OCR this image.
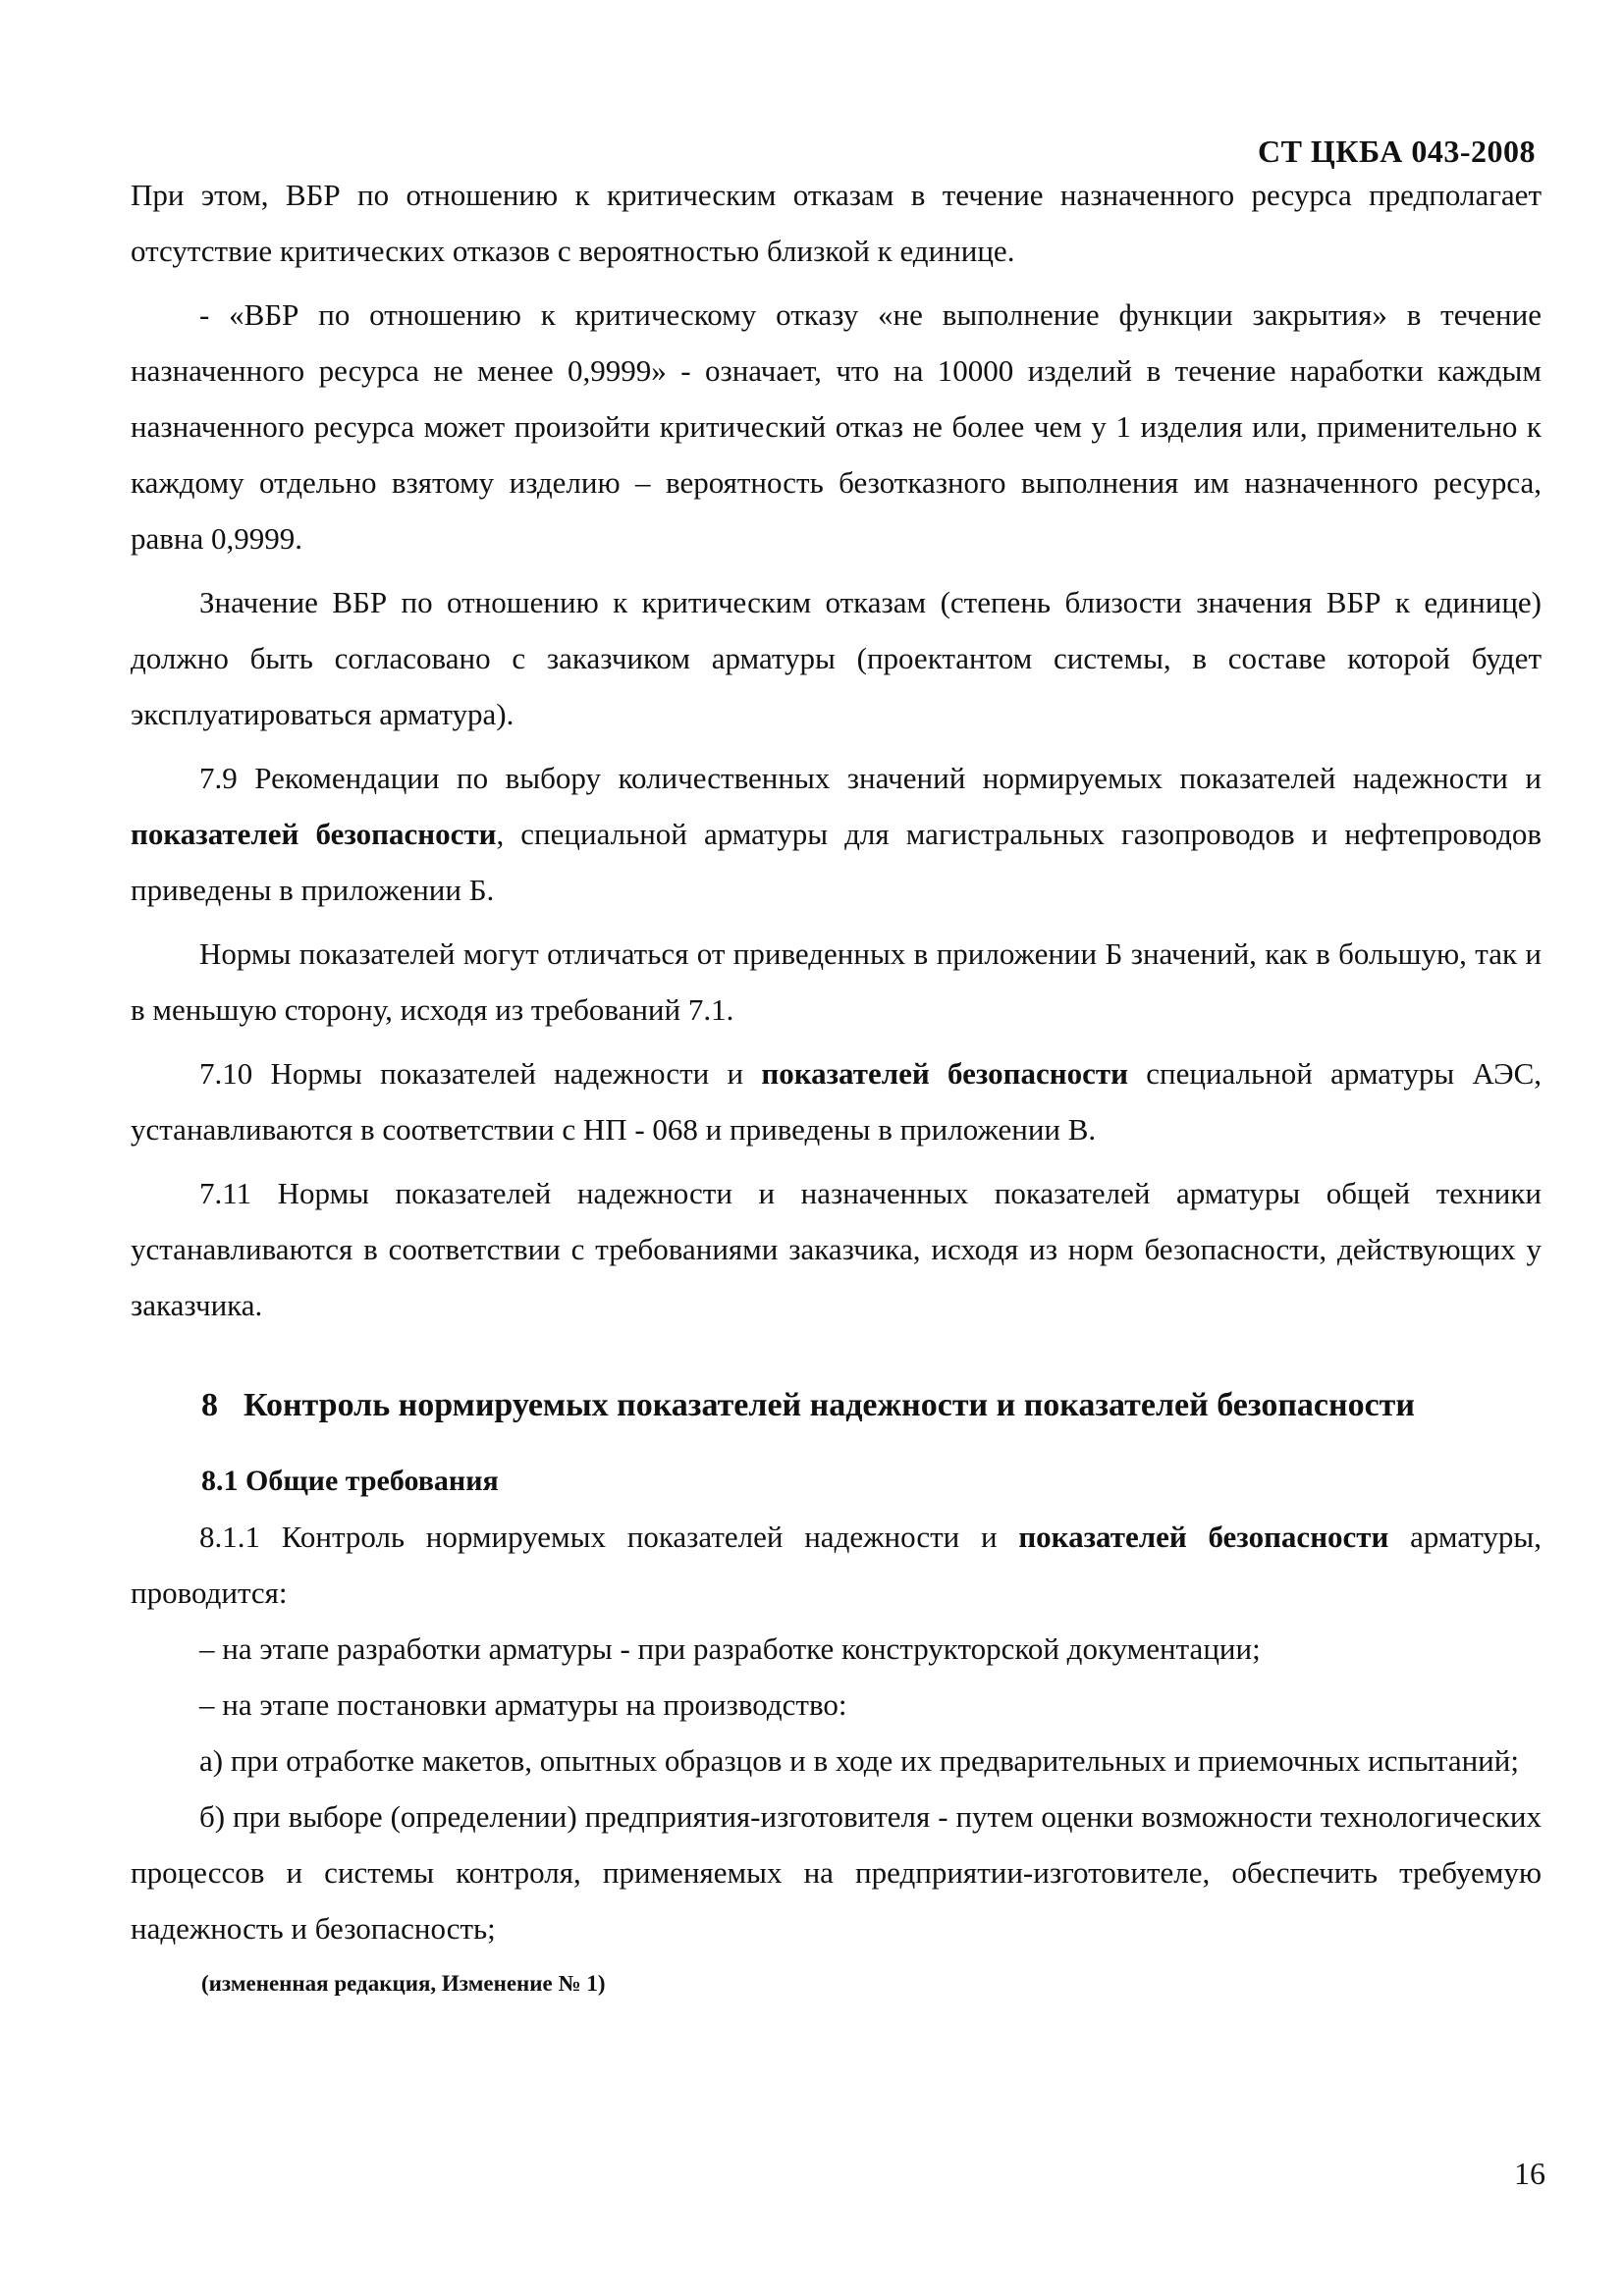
СТ ЦКБА 043-2008

При этом, ВБР по отношению к критическим отказам в течение назначенного ресурса предполагает отсутствие критических отказов с вероятностью близкой к единице.

- «ВБР по отношению к критическому отказу «не выполнение функции закрытия» в течение назначенного ресурса не менее 0,9999» - означает, что на 10000 изделий в течение наработки каждым назначенного ресурса может произойти критический отказ не более чем у 1 изделия или, применительно к каждому отдельно взятому изделию – вероятность безотказного выполнения им назначенного ресурса, равна 0,9999.

Значение ВБР по отношению к критическим отказам (степень близости значения ВБР к единице) должно быть согласовано с заказчиком арматуры (проектантом системы, в составе которой будет эксплуатироваться арматура).

7.9 Рекомендации по выбору количественных значений нормируемых показателей надежности и показателей безопасности, специальной арматуры для магистральных газопроводов и нефтепроводов приведены в приложении Б.

Нормы показателей могут отличаться от приведенных в приложении Б значений, как в большую, так и в меньшую сторону, исходя из требований 7.1.

7.10 Нормы показателей надежности и показателей безопасности специальной арматуры АЭС, устанавливаются в соответствии с НП - 068 и приведены в приложении В.

7.11 Нормы показателей надежности и назначенных показателей арматуры общей техники устанавливаются в соответствии с требованиями заказчика, исходя из норм безопасности, действующих у заказчика.

8 Контроль нормируемых показателей надежности и показателей безопасности

8.1 Общие требования

8.1.1 Контроль нормируемых показателей надежности и показателей безопасности арматуры, проводится:

– на этапе разработки арматуры - при разработке конструкторской документации;

– на этапе постановки арматуры на производство:

а) при отработке макетов, опытных образцов и в ходе их предварительных и приемочных испытаний;

б) при выборе (определении) предприятия-изготовителя - путем оценки возможности технологических процессов и системы контроля, применяемых на предприятии-изготовителе, обеспечить требуемую надежность и безопасность;

(измененная редакция, Изменение № 1)

16
